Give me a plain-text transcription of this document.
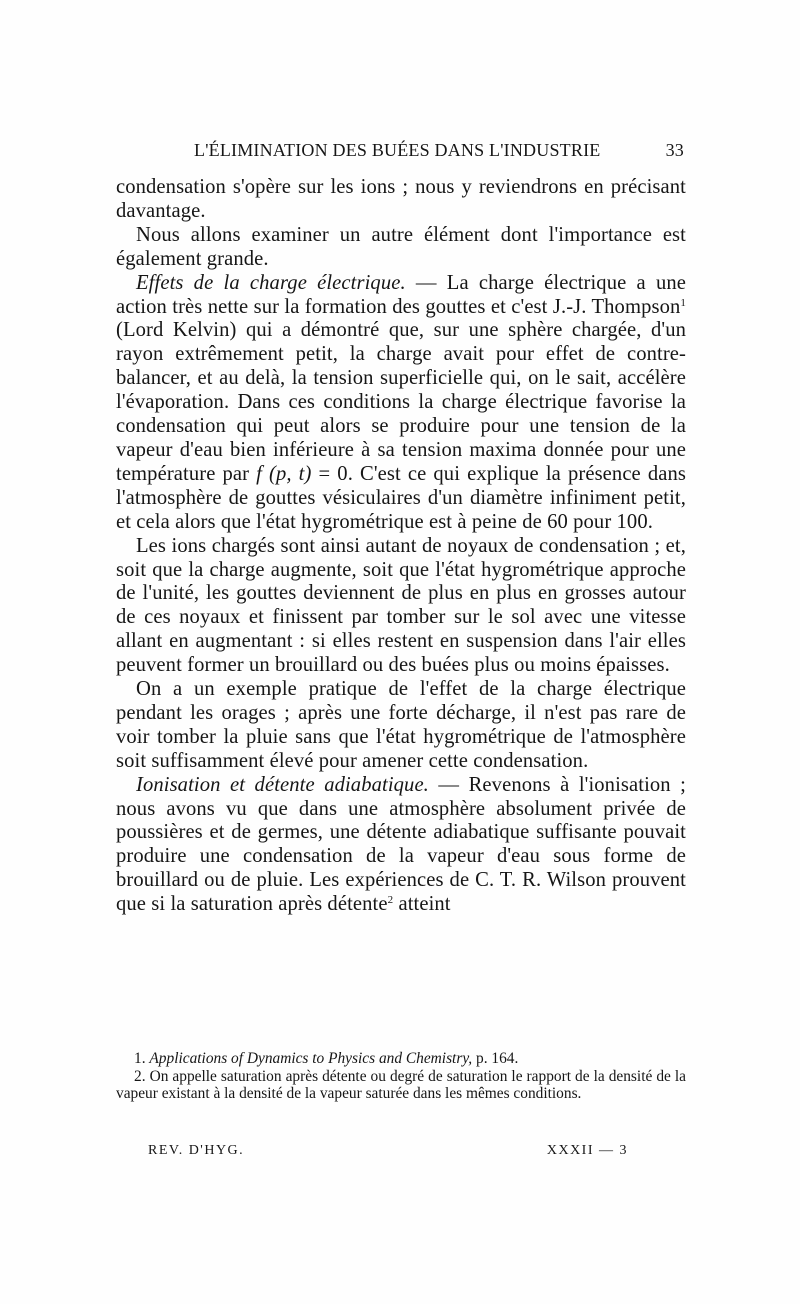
L'ÉLIMINATION DES BUÉES DANS L'INDUSTRIE	33

condensation s'opère sur les ions ; nous y reviendrons en précisant davantage.

Nous allons examiner un autre élément dont l'importance est également grande.

Effets de la charge électrique. — La charge électrique a une action très nette sur la formation des gouttes et c'est J.-J. Thompson$^1$ (Lord Kelvin) qui a démontré que, sur une sphère chargée, d'un rayon extrêmement petit, la charge avait pour effet de contre-balancer, et au delà, la tension superficielle qui, on le sait, accélère l'évaporation. Dans ces conditions la charge électrique favorise la condensation qui peut alors se produire pour une tension de la vapeur d'eau bien inférieure à sa tension maxima donnée pour une température par f (p, t) = 0. C'est ce qui explique la présence dans l'atmosphère de gouttes vésiculaires d'un diamètre infiniment petit, et cela alors que l'état hygrométrique est à peine de 60 pour 100.

Les ions chargés sont ainsi autant de noyaux de condensation ; et, soit que la charge augmente, soit que l'état hygrométrique approche de l'unité, les gouttes deviennent de plus en plus en grosses autour de ces noyaux et finissent par tomber sur le sol avec une vitesse allant en augmentant : si elles restent en suspension dans l'air elles peuvent former un brouillard ou des buées plus ou moins épaisses.

On a un exemple pratique de l'effet de la charge électrique pendant les orages ; après une forte décharge, il n'est pas rare de voir tomber la pluie sans que l'état hygrométrique de l'atmosphère soit suffisamment élevé pour amener cette condensation.

Ionisation et détente adiabatique. — Revenons à l'ionisation ; nous avons vu que dans une atmosphère absolument privée de poussières et de germes, une détente adiabatique suffisante pouvait produire une condensation de la vapeur d'eau sous forme de brouillard ou de pluie. Les expériences de C. T. R. Wilson prouvent que si la saturation après détente$^2$ atteint

1. Applications of Dynamics to Physics and Chemistry, p. 164.

2. On appelle saturation après détente ou degré de saturation le rapport de la densité de la vapeur existant à la densité de la vapeur saturée dans les mêmes conditions.

REV. D'HYG.	XXXII — 3
